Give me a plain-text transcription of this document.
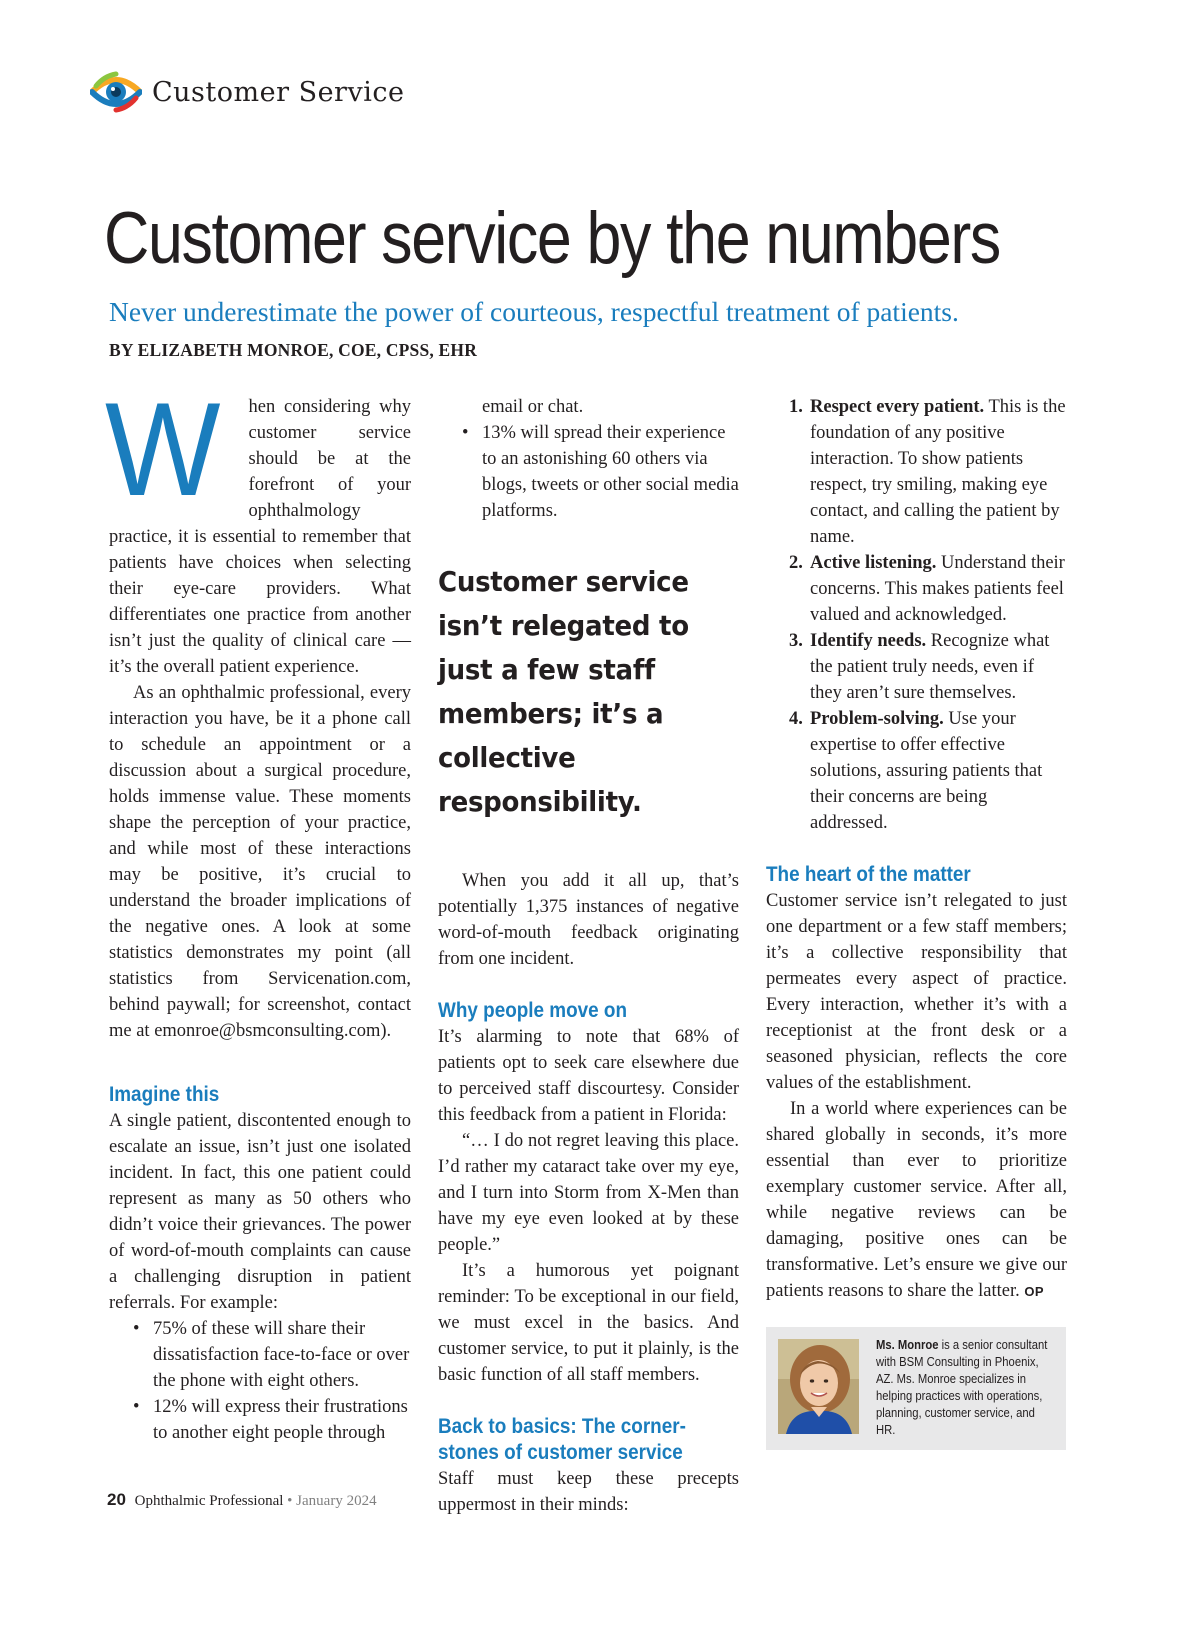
Customer Service
Customer service by the numbers
Never underestimate the power of courteous, respectful treatment of patients.
BY ELIZABETH MONROE, COE, CPSS, EHR

W hen considering why customer service should be at the forefront of your ophthalmology practice, it is essential to remember that patients have choices when selecting their eye-care providers. What differentiates one practice from another isn’t just the quality of clinical care — it’s the overall patient experience.

As an ophthalmic professional, every interaction you have, be it a phone call to schedule an appointment or a discussion about a surgical procedure, holds immense value. These moments shape the perception of your practice, and while most of these interactions may be positive, it’s crucial to understand the broader implications of the negative ones. A look at some statistics demonstrates my point (all statistics from Servicenation.com, behind paywall; for screenshot, contact me at emonroe@bsmconsulting.com).

Imagine this

A single patient, discontented enough to escalate an issue, isn’t just one isolated incident. In fact, this one patient could represent as many as 50 others who didn’t voice their grievances. The power of word-of-mouth complaints can cause a challenging disruption in patient referrals. For example:

• 75% of these will share their dissatisfaction face-to-face or over the phone with eight others.
• 12% will express their frustrations to another eight people through
email or chat.
• 13% will spread their experience to an astonishing 60 others via blogs, tweets or other social media platforms.
Customer service isn’t relegated to just a few staff members; it’s a collective responsibility.

When you add it all up, that’s potentially 1,375 instances of negative word-of-mouth feedback originating from one incident.

Why people move on

It’s alarming to note that 68% of patients opt to seek care elsewhere due to perceived staff discourtesy. Consider this feedback from a patient in Florida:

“… I do not regret leaving this place. I’d rather my cataract take over my eye, and I turn into Storm from X-Men than have my eye even looked at by these people.”

It’s a humorous yet poignant reminder: To be exceptional in our field, we must excel in the basics. And customer service, to put it plainly, is the basic function of all staff members.

Back to basics: The corner-
stones of customer service

Staff must keep these precepts uppermost in their minds:

1. Respect every patient. This is the foundation of any positive interaction. To show patients respect, try smiling, making eye contact, and calling the patient by name.
2. Active listening. Understand their concerns. This makes patients feel valued and acknowledged.
3. Identify needs. Recognize what the patient truly needs, even if they aren’t sure themselves.
4. Problem-solving. Use your expertise to offer effective solutions, assuring patients that their concerns are being addressed.
The heart of the matter

Customer service isn’t relegated to just one department or a few staff members; it’s a collective responsibility that permeates every aspect of practice. Every interaction, whether it’s with a receptionist at the front desk or a seasoned physician, reflects the core values of the establishment.

In a world where experiences can be shared globally in seconds, it’s more essential than ever to prioritize exemplary customer service. After all, while negative reviews can be damaging, positive ones can be transformative. Let’s ensure we give our patients reasons to share the latter. OP

Ms. Monroe is a senior consultant with BSM Consulting in Phoenix, AZ. Ms. Monroe specializes in helping practices with operations, planning, customer service, and HR.
20 Ophthalmic Professional • January 2024
